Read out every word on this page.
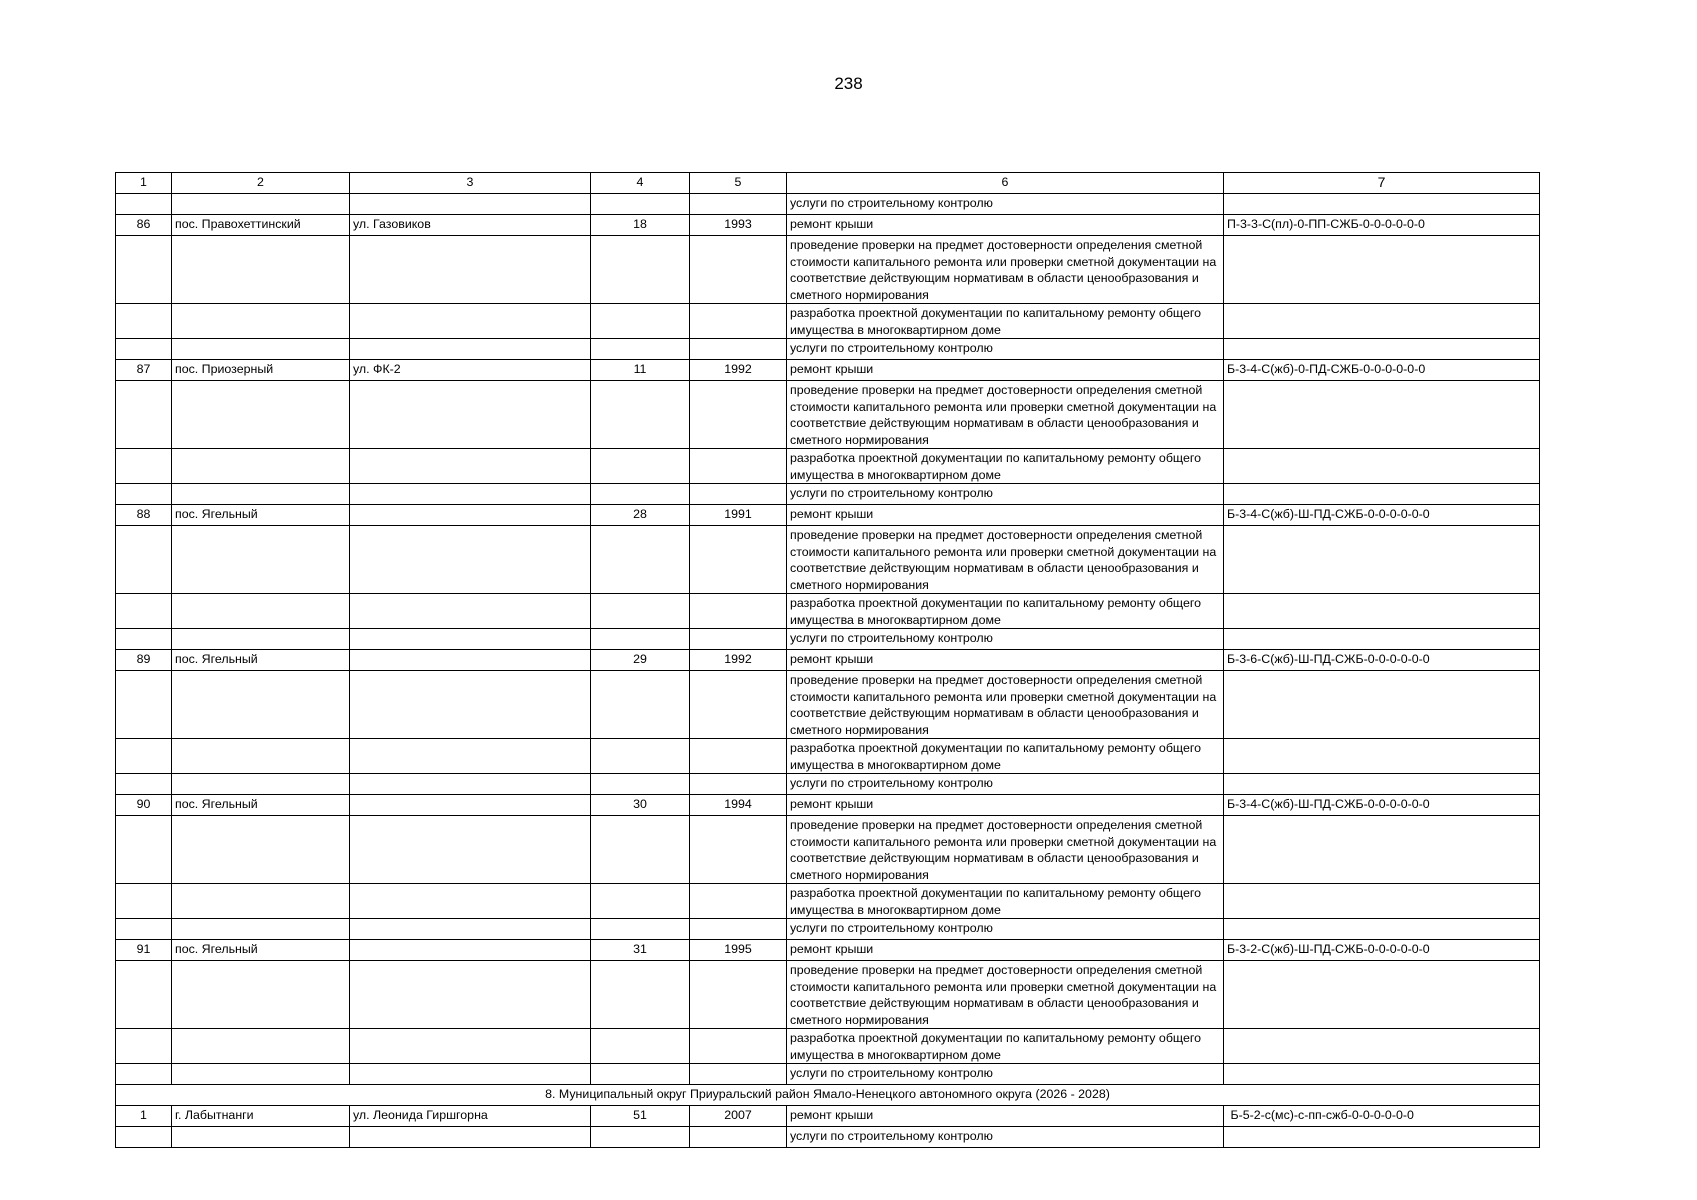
238
1	2	3	4	5	6	7
					услуги по строительному контролю	
86	пос. Правохеттинский	ул. Газовиков	18	1993	ремонт крыши	П-3-3-С(пл)-0-ПП-СЖБ-0-0-0-0-0-0
					проведение проверки на предмет достоверности определения сметной стоимости капитального ремонта или проверки сметной документации на соответствие действующим нормативам в области ценообразования и сметного нормирования	
					разработка проектной документации по капитальному ремонту общего имущества в многоквартирном доме	
					услуги по строительному контролю	
87	пос. Приозерный	ул. ФК-2	11	1992	ремонт крыши	Б-3-4-С(жб)-0-ПД-СЖБ-0-0-0-0-0-0
					проведение проверки на предмет достоверности определения сметной стоимости капитального ремонта или проверки сметной документации на соответствие действующим нормативам в области ценообразования и сметного нормирования	
					разработка проектной документации по капитальному ремонту общего имущества в многоквартирном доме	
					услуги по строительному контролю	
88	пос. Ягельный		28	1991	ремонт крыши	Б-3-4-С(жб)-Ш-ПД-СЖБ-0-0-0-0-0-0
					проведение проверки на предмет достоверности определения сметной стоимости капитального ремонта или проверки сметной документации на соответствие действующим нормативам в области ценообразования и сметного нормирования	
					разработка проектной документации по капитальному ремонту общего имущества в многоквартирном доме	
					услуги по строительному контролю	
89	пос. Ягельный		29	1992	ремонт крыши	Б-3-6-С(жб)-Ш-ПД-СЖБ-0-0-0-0-0-0
					проведение проверки на предмет достоверности определения сметной стоимости капитального ремонта или проверки сметной документации на соответствие действующим нормативам в области ценообразования и сметного нормирования	
					разработка проектной документации по капитальному ремонту общего имущества в многоквартирном доме	
					услуги по строительному контролю	
90	пос. Ягельный		30	1994	ремонт крыши	Б-3-4-С(жб)-Ш-ПД-СЖБ-0-0-0-0-0-0
					проведение проверки на предмет достоверности определения сметной стоимости капитального ремонта или проверки сметной документации на соответствие действующим нормативам в области ценообразования и сметного нормирования	
					разработка проектной документации по капитальному ремонту общего имущества в многоквартирном доме	
					услуги по строительному контролю	
91	пос. Ягельный		31	1995	ремонт крыши	Б-3-2-С(жб)-Ш-ПД-СЖБ-0-0-0-0-0-0
					проведение проверки на предмет достоверности определения сметной стоимости капитального ремонта или проверки сметной документации на соответствие действующим нормативам в области ценообразования и сметного нормирования	
					разработка проектной документации по капитальному ремонту общего имущества в многоквартирном доме	
					услуги по строительному контролю	
8. Муниципальный округ Приуральский район Ямало-Ненецкого автономного округа (2026 - 2028)						
1	г. Лабытнанги	ул. Леонида Гиршгорна	51	2007	ремонт крыши	Б-5-2-с(мс)-с-пп-сжб-0-0-0-0-0-0
					услуги по строительному контролю	
